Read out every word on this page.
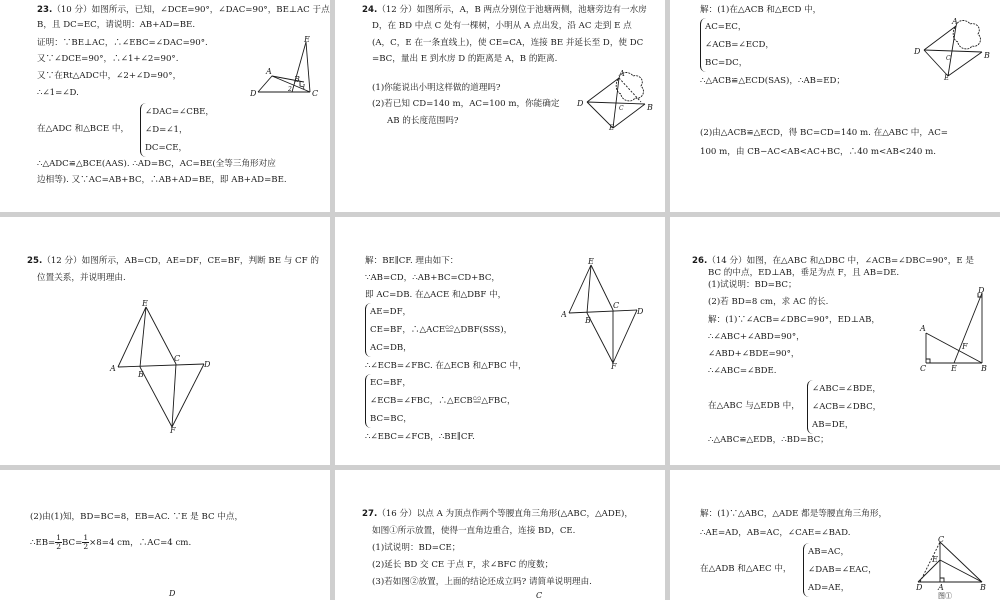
23.（10 分）如图所示，已知，∠DCE=90°，∠DAC=90°，BE⊥AC 于点
B，且 DC=EC，请说明：AB+AD=BE.
证明：∵BE⊥AC，∴∠EBC=∠DAC=90°.
又∵∠DCE=90°，∴∠1+∠2=90°.
又∵在Rt△ADC中，∠2+∠D=90°，
∴∠1=∠D.
在△ADC 和△BCE 中，
∠DAC=∠CBE，
∠D=∠1，
DC=CE，
∴△ADC≌△BCE(AAS). ∴AD=BC，AC=BE(全等三角形对应
边相等). 又∵AC=AB+BC，∴AB+AD=BE，即 AB+AD=BE.
E
A
B
D	C
2 1
24.（12 分）如图所示，A，B 两点分别位于池塘两侧，池塘旁边有一水房
D，在 BD 中点 C 处有一棵树，小明从 A 点出发，沿 AC 走到 E 点
(A，C，E 在一条直线上)，使 CE=CA，连接 BE 并延长至 D，使 DC
=BC，量出 E 到水房 D 的距离是 A，B 的距离.
(1)你能说出小明这样做的道理吗?
(2)若已知 CD=140 m，AC=100 m，你能确定
AB 的长度范围吗?
A
D
C	B
E
解：(1)在△ACB 和△ECD 中，
AC=EC，
∠ACB=∠ECD，
BC=DC，
∴△ACB≌△ECD(SAS)，∴AB=ED；
(2)由△ACB≌△ECD，得 BC=CD=140 m. 在△ABC 中，AC=
100 m，由 CB−AC<AB<AC+BC，∴40 m<AB<240 m.
A
D
C	B
E
25.（12 分）如图所示，AB=CD，AE=DF，CE=BF，判断 BE 与 CF 的
位置关系，并说明理由.
E
A
B
C
D
F
解：BE∥CF. 理由如下：
∵AB=CD，∴AB+BC=CD+BC，
即 AC=DB. 在△ACE 和△DBF 中，
AE=DF，
CE=BF，∴△ACE≌△DBF(SSS)，
AC=DB，
∴∠ECB=∠FBC. 在△ECB 和△FBC 中，
EC=BF，
∠ECB=∠FBC，∴△ECB≌△FBC，
BC=BC，
∴∠EBC=∠FCB，∴BE∥CF.
E
A
B
C
D
F
26.（14 分）如图，在△ABC 和△DBC 中，∠ACB=∠DBC=90°，E 是
BC 的中点，ED⊥AB，垂足为点 F，且 AB=DE.
(1)试说明：BD=BC；
(2)若 BD=8 cm，求 AC 的长.
解：(1)∵∠ACB=∠DBC=90°，ED⊥AB，
∴∠ABC+∠ABD=90°，
∠ABD+∠BDE=90°，
∴∠ABC=∠BDE.
在△ABC 与△EDB 中，
∠ABC=∠BDE，
∠ACB=∠DBC，
AB=DE，
∴△ABC≌△EDB，∴BD=BC；
D
A
F
C	E	B
(2)由(1)知，BD=BC=8，EB=AC. ∵E 是 BC 中点，
∴EB= $\frac{1}{2} BC= \frac{1}{2} \times 8=4$ cm，∴AC=4 cm.
D
27.（16 分）以点 A 为顶点作两个等腰直角三角形(△ABC，△ADE)，
如图①所示放置，使得一直角边重合，连接 BD，CE.
(1)试说明：BD=CE；
(2)延长 BD 交 CE 于点 F，求∠BFC 的度数；
(3)若如图②放置，上面的结论还成立吗? 请简单说明理由.
C
解：(1)∵△ABC，△ADE 都是等腰直角三角形，
∴AE=AD，AB=AC，∠CAE=∠BAD.
在△ADB 和△AEC 中，
AB=AC，
∠DAB=∠EAC，
AD=AE，
C
E
D A	B
图①
